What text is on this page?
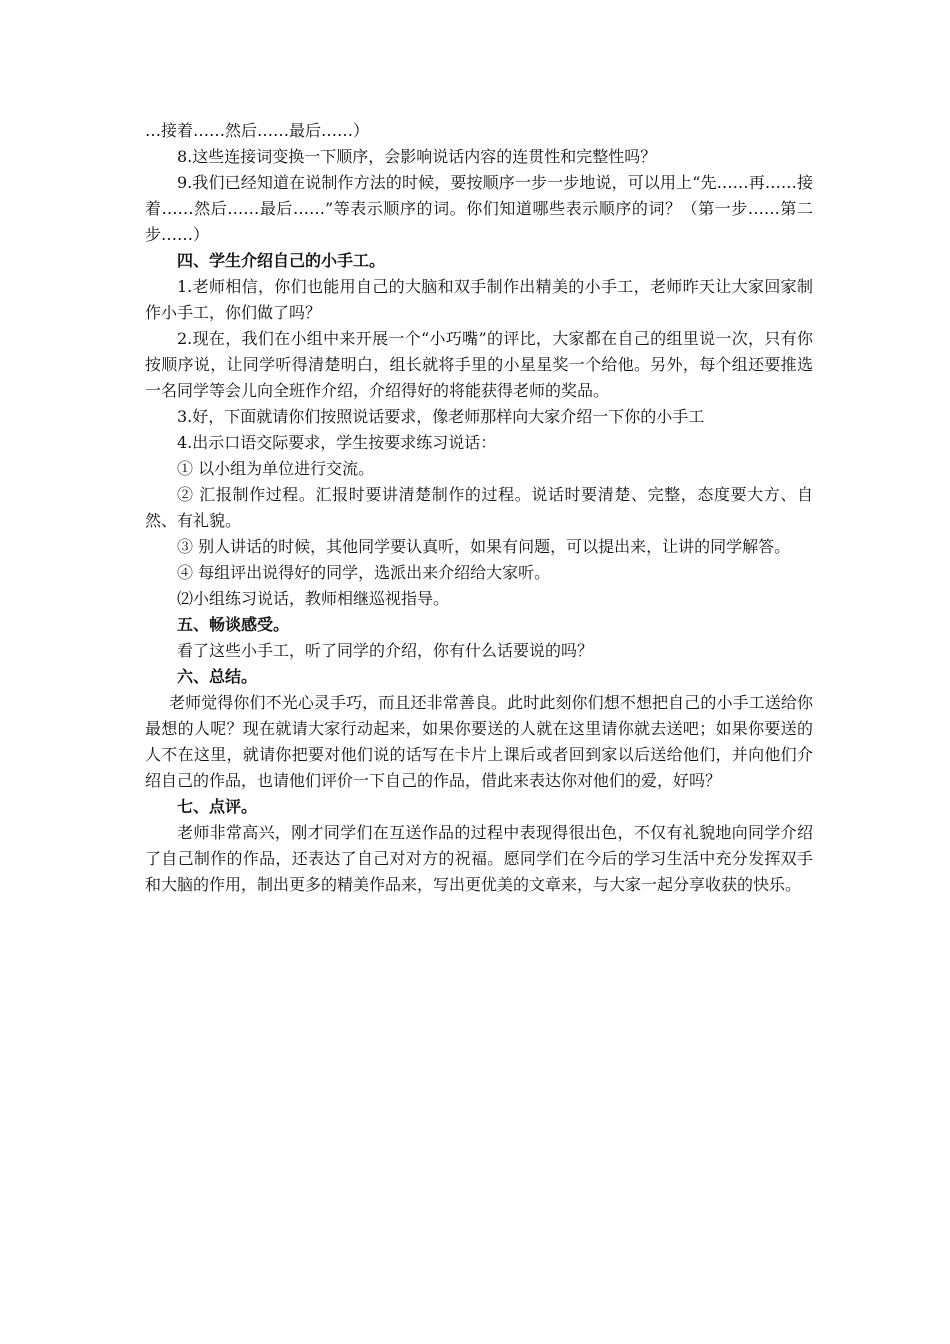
…接着……然后……最后……）

8.这些连接词变换一下顺序，会影响说话内容的连贯性和完整性吗？

9.我们已经知道在说制作方法的时候，要按顺序一步一步地说，可以用上“先……再……接着……然后……最后……”等表示顺序的词。你们知道哪些表示顺序的词？（第一步……第二步……）

四、学生介绍自己的小手工。

1.老师相信，你们也能用自己的大脑和双手制作出精美的小手工，老师昨天让大家回家制作小手工，你们做了吗？

2.现在，我们在小组中来开展一个“小巧嘴”的评比，大家都在自己的组里说一次，只有你按顺序说，让同学听得清楚明白，组长就将手里的小星星奖一个给他。另外，每个组还要推选一名同学等会儿向全班作介绍，介绍得好的将能获得老师的奖品。

3.好，下面就请你们按照说话要求，像老师那样向大家介绍一下你的小手工

4.出示口语交际要求，学生按要求练习说话：

① 以小组为单位进行交流。

② 汇报制作过程。汇报时要讲清楚制作的过程。说话时要清楚、完整，态度要大方、自然、有礼貌。

③ 别人讲话的时候，其他同学要认真听，如果有问题，可以提出来，让讲的同学解答。

④ 每组评出说得好的同学，选派出来介绍给大家听。

⑵小组练习说话，教师相继巡视指导。

五、畅谈感受。

看了这些小手工，听了同学的介绍，你有什么话要说的吗？

六、总结。

老师觉得你们不光心灵手巧，而且还非常善良。此时此刻你们想不想把自己的小手工送给你最想的人呢？现在就请大家行动起来，如果你要送的人就在这里请你就去送吧；如果你要送的人不在这里，就请你把要对他们说的话写在卡片上课后或者回到家以后送给他们，并向他们介绍自己的作品，也请他们评价一下自己的作品，借此来表达你对他们的爱，好吗？

七、点评。

老师非常高兴，刚才同学们在互送作品的过程中表现得很出色，不仅有礼貌地向同学介绍了自己制作的作品，还表达了自己对对方的祝福。愿同学们在今后的学习生活中充分发挥双手和大脑的作用，制出更多的精美作品来，写出更优美的文章来，与大家一起分享收获的快乐。
